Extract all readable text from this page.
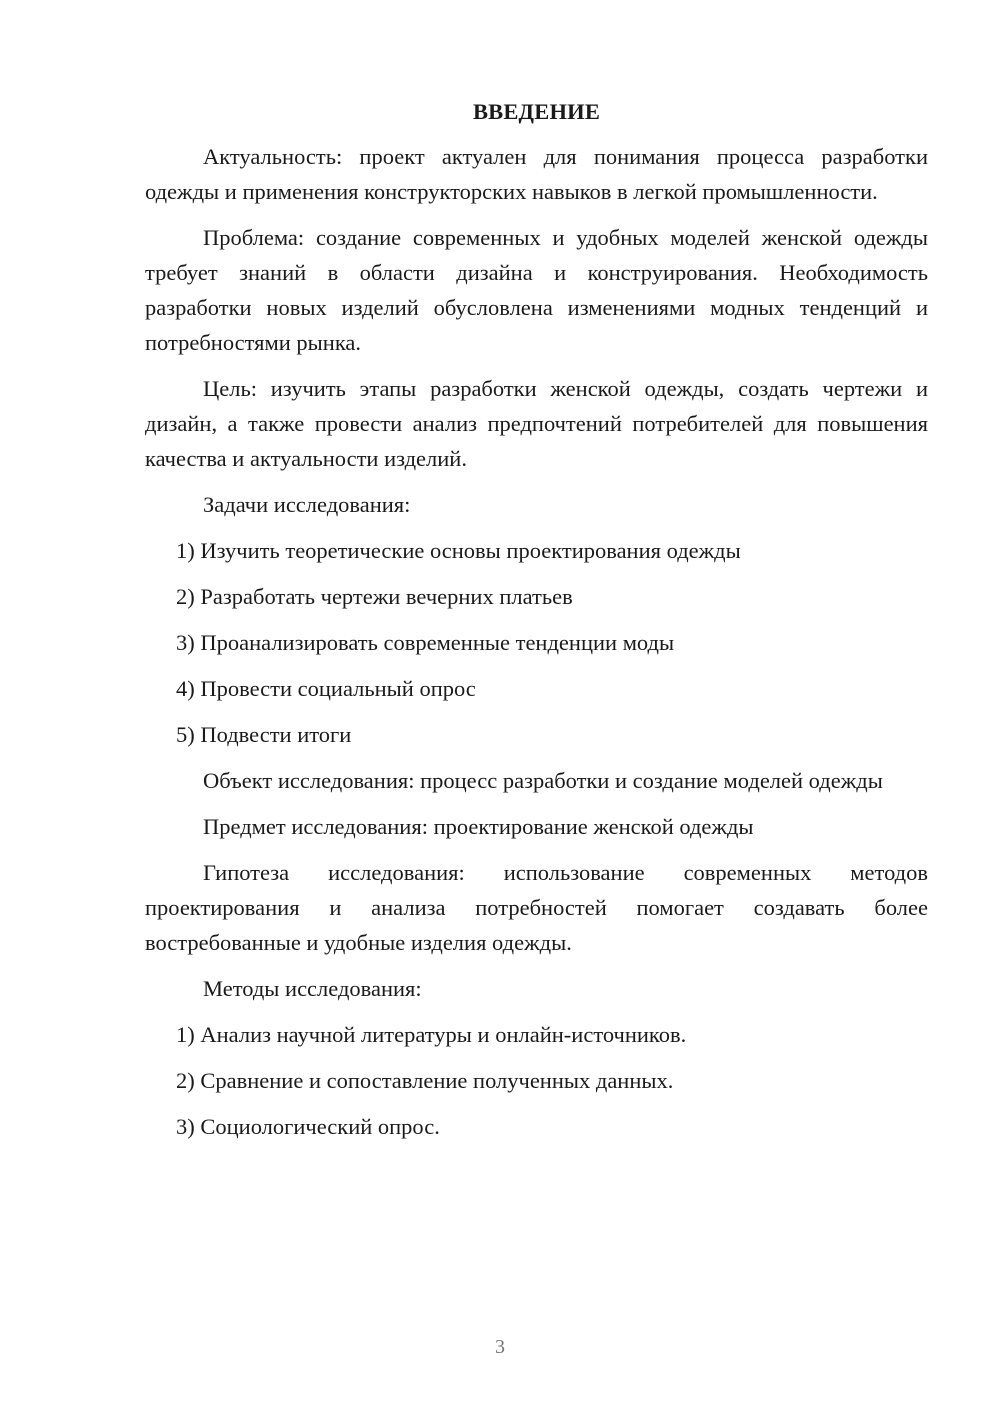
ВВЕДЕНИЕ

Актуальность: проект актуален для понимания процесса разработки одежды и применения конструкторских навыков в легкой промышленности.

Проблема: создание современных и удобных моделей женской одежды требует знаний в области дизайна и конструирования. Необходимость разработки новых изделий обусловлена изменениями модных тенденций и потребностями рынка.

Цель: изучить этапы разработки женской одежды, создать чертежи и дизайн, а также провести анализ предпочтений потребителей для повышения качества и актуальности изделий.

Задачи исследования:

1) Изучить теоретические основы проектирования одежды

2) Разработать чертежи вечерних платьев

3) Проанализировать современные тенденции моды

4) Провести социальный опрос

5) Подвести итоги

Объект исследования: процесс разработки и создание моделей одежды

Предмет исследования: проектирование женской одежды

Гипотеза исследования: использование современных методов проектирования и анализа потребностей помогает создавать более востребованные и удобные изделия одежды.

Методы исследования:

1) Анализ научной литературы и онлайн-источников.

2) Сравнение и сопоставление полученных данных.

3) Социологический опрос.

3
